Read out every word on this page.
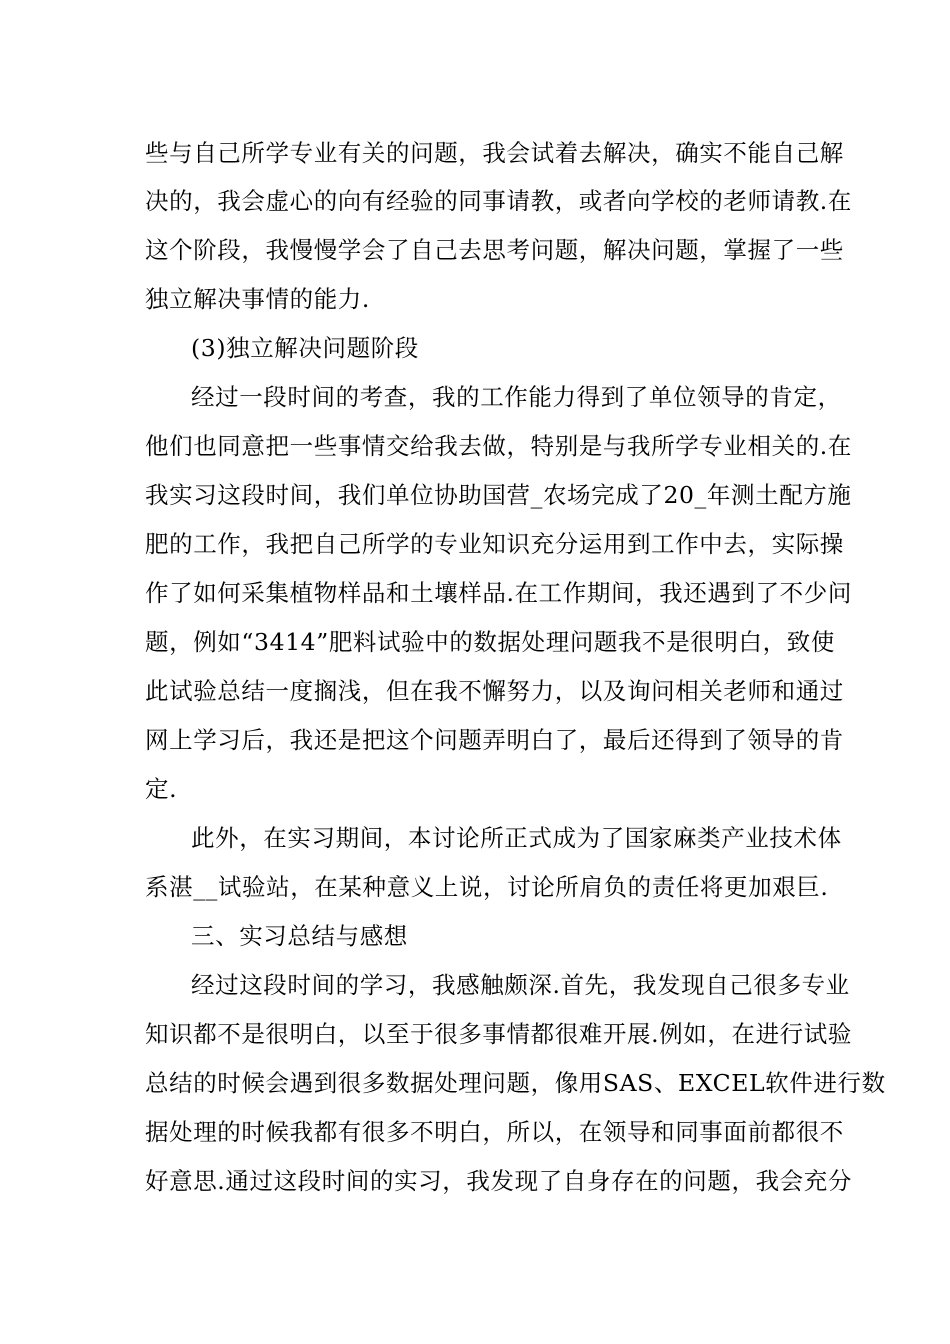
些与自己所学专业有关的问题，我会试着去解决，确实不能自己解
决的，我会虚心的向有经验的同事请教，或者向学校的老师请教.在
这个阶段，我慢慢学会了自己去思考问题，解决问题，掌握了一些
独立解决事情的能力.
(3)独立解决问题阶段
经过一段时间的考查，我的工作能力得到了单位领导的肯定，
他们也同意把一些事情交给我去做，特别是与我所学专业相关的.在
我实习这段时间，我们单位协助国营_农场完成了20_年测土配方施
肥的工作，我把自己所学的专业知识充分运用到工作中去，实际操
作了如何采集植物样品和土壤样品.在工作期间，我还遇到了不少问
题，例如“3414”肥料试验中的数据处理问题我不是很明白，致使
此试验总结一度搁浅，但在我不懈努力，以及询问相关老师和通过
网上学习后，我还是把这个问题弄明白了，最后还得到了领导的肯
定.
此外，在实习期间，本讨论所正式成为了国家麻类产业技术体
系湛__试验站，在某种意义上说，讨论所肩负的责任将更加艰巨.
三、实习总结与感想
经过这段时间的学习，我感触颇深.首先，我发现自己很多专业
知识都不是很明白，以至于很多事情都很难开展.例如，在进行试验
总结的时候会遇到很多数据处理问题，像用SAS、EXCEL软件进行数
据处理的时候我都有很多不明白，所以，在领导和同事面前都很不
好意思.通过这段时间的实习，我发现了自身存在的问题，我会充分
